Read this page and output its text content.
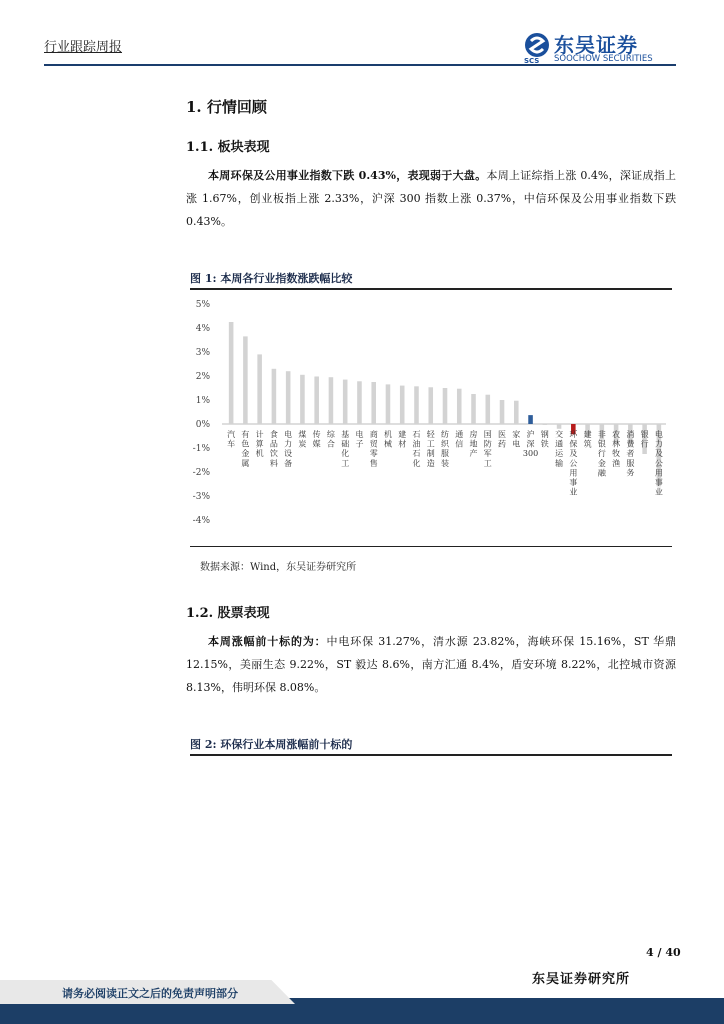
行业跟踪周报	东吴证券
SOOCHOW SECURITIES
SCS
1. 行情回顾
1.1. 板块表现
本周环保及公用事业指数下跌 0.43%，表现弱于大盘。本周上证综指上涨 0.4%，深证成指上涨 1.67%，创业板指上涨 2.33%，沪深 300 指数上涨 0.37%，中信环保及公用事业指数下跌 0.43%。
图 1: 本周各行业指数涨跌幅比较
5%
4%
3%
2%
1%
0%
-1%
-2%
-3%
-4%
汽车
有色金属
计算机
食品饮料
电力设备
煤炭
传媒
综合
基础化工
电子
商贸零售
机械
建材
石油石化
轻工制造
纺织服装
通信
房地产
国防军工
医药
家电
沪深 300
钢铁
交通运输
环保及公用事业
建筑
非银行金融
农林牧渔
消费者服务
银行
电力及公用事业
数据来源：Wind，东吴证券研究所
1.2. 股票表现
本周涨幅前十标的为：中电环保 31.27%，清水源 23.82%，海峡环保 15.16%，ST 华鼎 12.15%，美丽生态 9.22%，ST 毅达 8.6%，南方汇通 8.4%，盾安环境 8.22%，北控城市资源 8.13%，伟明环保 8.08%。
图 2: 环保行业本周涨幅前十标的
4 / 40
东吴证券研究所
请务必阅读正文之后的免责声明部分
